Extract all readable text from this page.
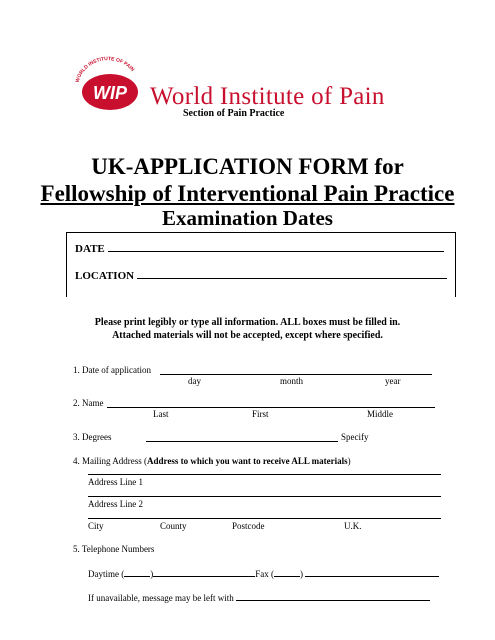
WORLD INSTITUTE OF PAIN
WIP World Institute of Pain
Section of Pain Practice
UK-APPLICATION FORM for
Fellowship of Interventional Pain Practice
Examination Dates
DATE
LOCATION
Please print legibly or type all information. ALL boxes must be filled in.
Attached materials will not be accepted, except where specified.
1. Date of application
day	month	year
2. Name
Last	First	Middle
3. Degrees	Specify
4. Mailing Address (Address to which you want to receive ALL materials)
Address Line 1
Address Line 2
City	County	Postcode	U.K.
5. Telephone Numbers
Daytime (	)	Fax (	)
If unavailable, message may be left with
